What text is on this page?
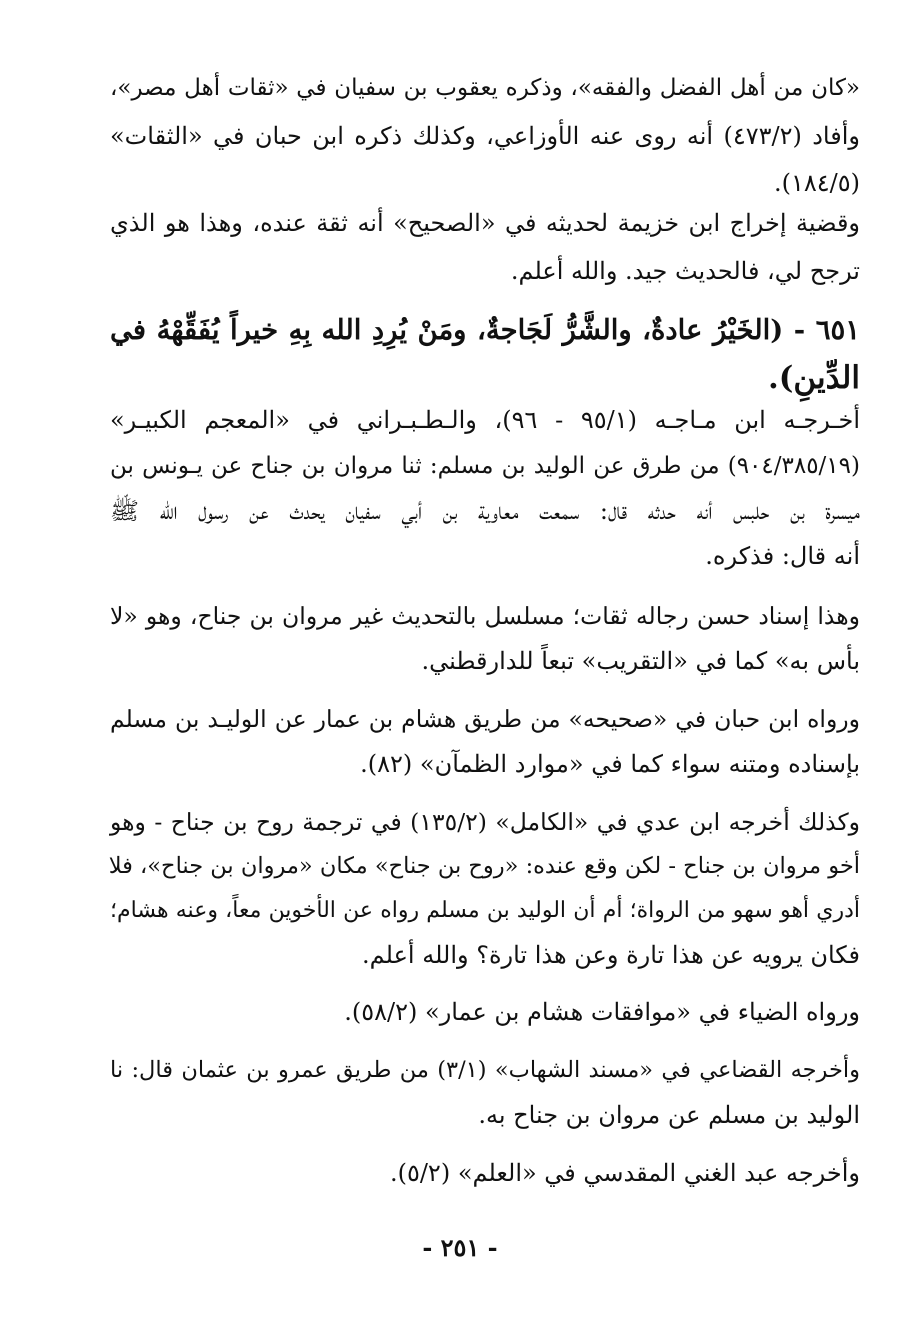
«كان من أهل الفضل والفقه»، وذكره يعقوب بن سفيان في «ثقات أهل مصر»،
وأفاد (٤٧٣/٢) أنه روى عنه الأوزاعي، وكذلك ذكره ابن حبان في «الثقات»
(١٨٤/٥).
وقضية إخراج ابن خزيمة لحديثه في «الصحيح» أنه ثقة عنده، وهذا هو الذي
ترجح لي، فالحديث جيد. والله أعلم.
٦٥١ - (الخَيْرُ عادةٌ، والشَّرُّ لَجَاجةٌ، ومَنْ يُرِدِ الله بِهِ خيراً يُفَقِّهْهُ في
الدِّينِ).
أخـرجـه ابن مـاجـه (٩٥/١ - ٩٦)، والـطـبـراني في «المعجم الكبيـر»
(٩٠٤/٣٨٥/١٩) من طرق عن الوليد بن مسلم: ثنا مروان بن جناح عن يـونس بن
ميسرة بن حلبس أنه حدثه قال: سمعت معاوية بن أبي سفيان يحدث عن رسول الله ﷺ
أنه قال: فذكره.
وهذا إسناد حسن رجاله ثقات؛ مسلسل بالتحديث غير مروان بن جناح، وهو «لا
بأس به» كما في «التقريب» تبعاً للدارقطني.
ورواه ابن حبان في «صحيحه» من طريق هشام بن عمار عن الوليـد بن مسلم
بإسناده ومتنه سواء كما في «موارد الظمآن» (٨٢).
وكذلك أخرجه ابن عدي في «الكامل» (١٣٥/٢) في ترجمة روح بن جناح - وهو
أخو مروان بن جناح - لكن وقع عنده: «روح بن جناح» مكان «مروان بن جناح»، فلا
أدري أهو سهو من الرواة؛ أم أن الوليد بن مسلم رواه عن الأخوين معاً، وعنه هشام؛
فكان يرويه عن هذا تارة وعن هذا تارة؟ والله أعلم.
ورواه الضياء في «موافقات هشام بن عمار» (٥٨/٢).
وأخرجه القضاعي في «مسند الشهاب» (٣/١) من طريق عمرو بن عثمان قال: نا
الوليد بن مسلم عن مروان بن جناح به.
وأخرجه عبد الغني المقدسي في «العلم» (٥/٢).
- ٢٥١ -
